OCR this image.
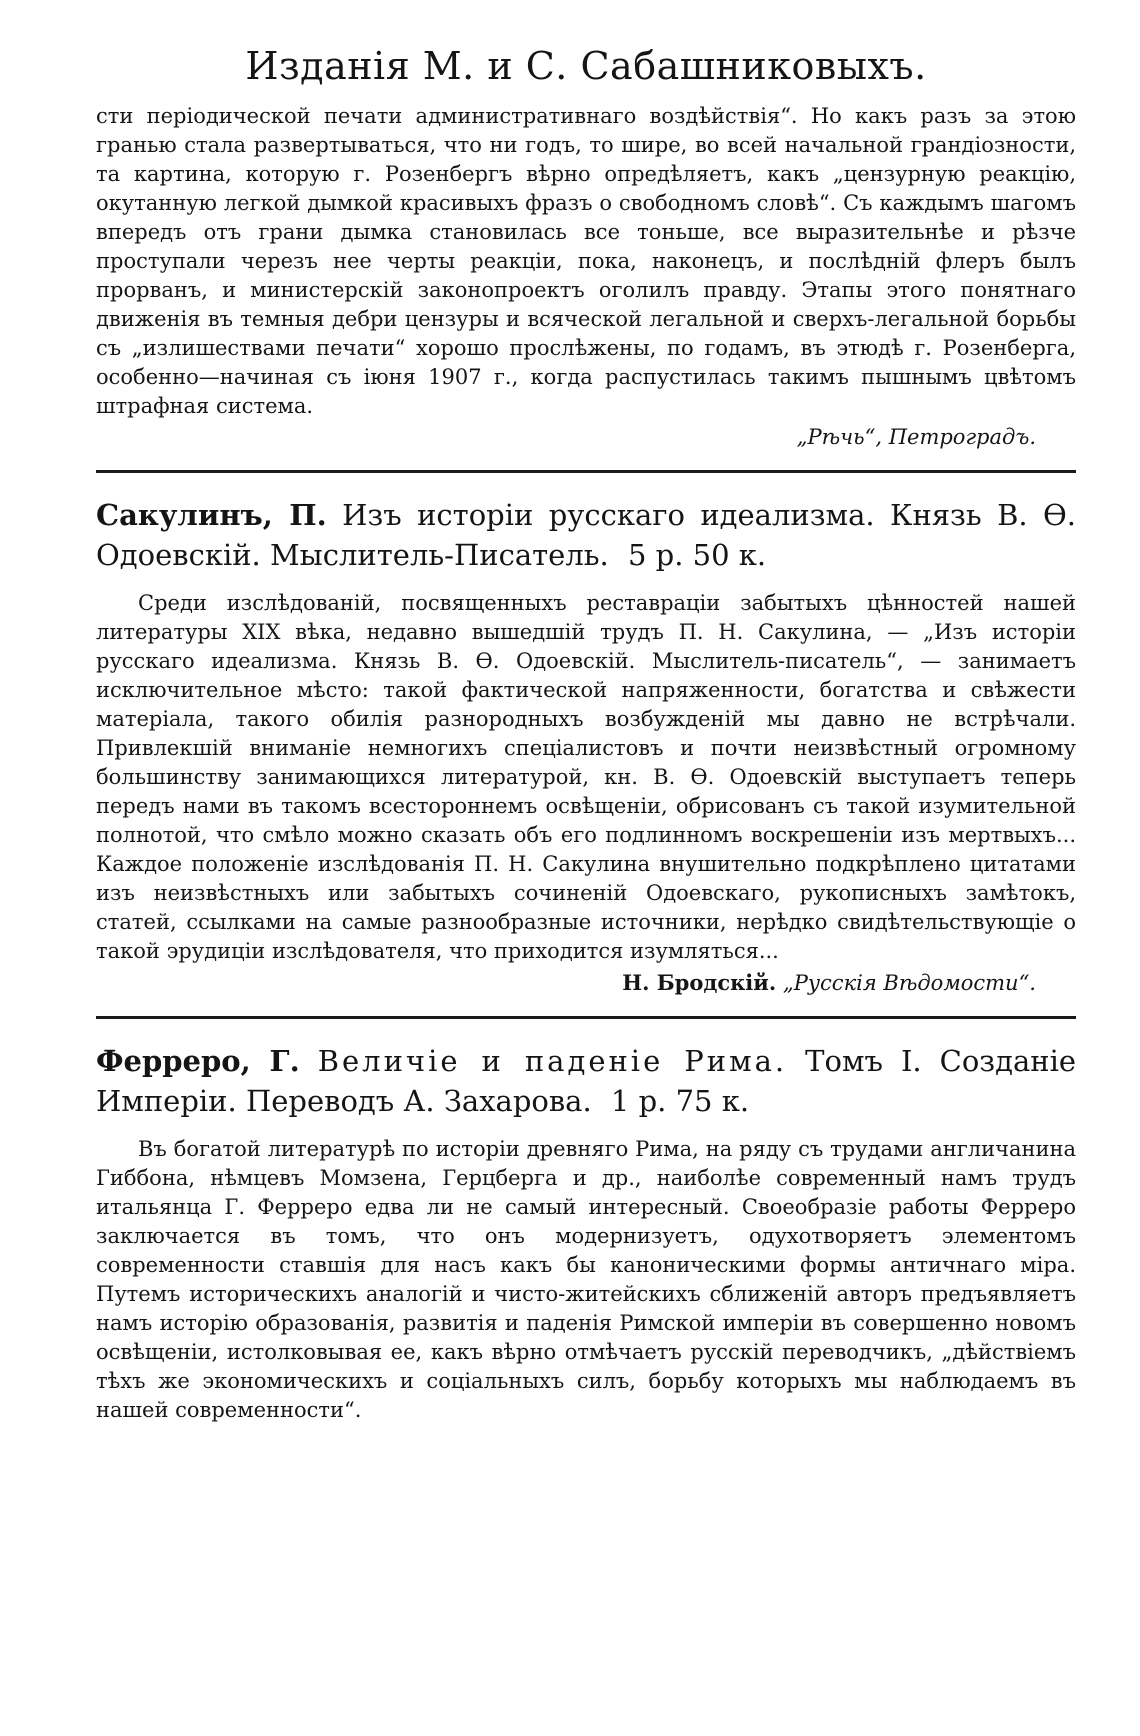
Изданія М. и С. Сабашниковыхъ.

сти періодической печати административнаго воздѣйствія“. Но какъ разъ за этою гранью стала развертываться, что ни годъ, то шире, во всей начальной грандіозности, та картина, которую г. Розенбергъ вѣрно опредѣляетъ, какъ „цензурную реакцію, окутанную легкой дымкой красивыхъ фразъ о свободномъ словѣ“. Съ каждымъ шагомъ впередъ отъ грани дымка становилась все тоньше, все выразительнѣе и рѣзче проступали черезъ нее черты реакціи, пока, наконецъ, и послѣдній флеръ былъ прорванъ, и министерскій законопроектъ оголилъ правду. Этапы этого понятнаго движенія въ темныя дебри цензуры и всяческой легальной и сверхъ-легальной борьбы съ „излишествами печати“ хорошо прослѣжены, по годамъ, въ этюдѣ г. Розенберга, особенно—начиная съ іюня 1907 г., когда распустилась такимъ пышнымъ цвѣтомъ штрафная система.

„Рѣчь“, Петроградъ.

Сакулинъ, П. Изъ исторіи русскаго идеализма. Князь В. Ѳ. Одоевскій. Мыслитель-Писатель. 5 р. 50 к.

Среди изслѣдованій, посвященныхъ реставраціи забытыхъ цѣнностей нашей литературы XIX вѣка, недавно вышедшій трудъ П. Н. Сакулина, — „Изъ исторіи русскаго идеализма. Князь В. Ѳ. Одоевскій. Мыслитель-писатель“, — занимаетъ исключительное мѣсто: такой фактической напряженности, богатства и свѣжести матеріала, такого обилія разнородныхъ возбужденій мы давно не встрѣчали. Привлекшій вниманіе немногихъ спеціалистовъ и почти неизвѣстный огромному большинству занимающихся литературой, кн. В. Ѳ. Одоевскій выступаетъ теперь передъ нами въ такомъ всестороннемъ освѣщеніи, обрисованъ съ такой изумительной полнотой, что смѣло можно сказать объ его подлинномъ воскрешеніи изъ мертвыхъ... Каждое положеніе изслѣдованія П. Н. Сакулина внушительно подкрѣплено цитатами изъ неизвѣстныхъ или забытыхъ сочиненій Одоевскаго, рукописныхъ замѣтокъ, статей, ссылками на самые разнообразные источники, нерѣдко свидѣтельствующіе о такой эрудиціи изслѣдователя, что приходится изумляться...

Н. Бродскій. „Русскія Вѣдомости“.

Ферреро, Г. Величіе и паденіе Рима. Томъ I. Созданіе Имперіи. Переводъ А. Захарова. 1 р. 75 к.

Въ богатой литературѣ по исторіи древняго Рима, на ряду съ трудами англичанина Гиббона, нѣмцевъ Момзена, Герцберга и др., наиболѣе современный намъ трудъ итальянца Г. Ферреро едва ли не самый интересный. Своеобразіе работы Ферреро заключается въ томъ, что онъ модернизуетъ, одухотворяетъ элементомъ современности ставшія для насъ какъ бы каноническими формы античнаго міра. Путемъ историческихъ аналогій и чисто-житейскихъ сближеній авторъ предъявляетъ намъ исторію образованія, развитія и паденія Римской имперіи въ совершенно новомъ освѣщеніи, истолковывая ее, какъ вѣрно отмѣчаетъ русскій переводчикъ, „дѣйствіемъ тѣхъ же экономическихъ и соціальныхъ силъ, борьбу которыхъ мы наблюдаемъ въ нашей современности“.
